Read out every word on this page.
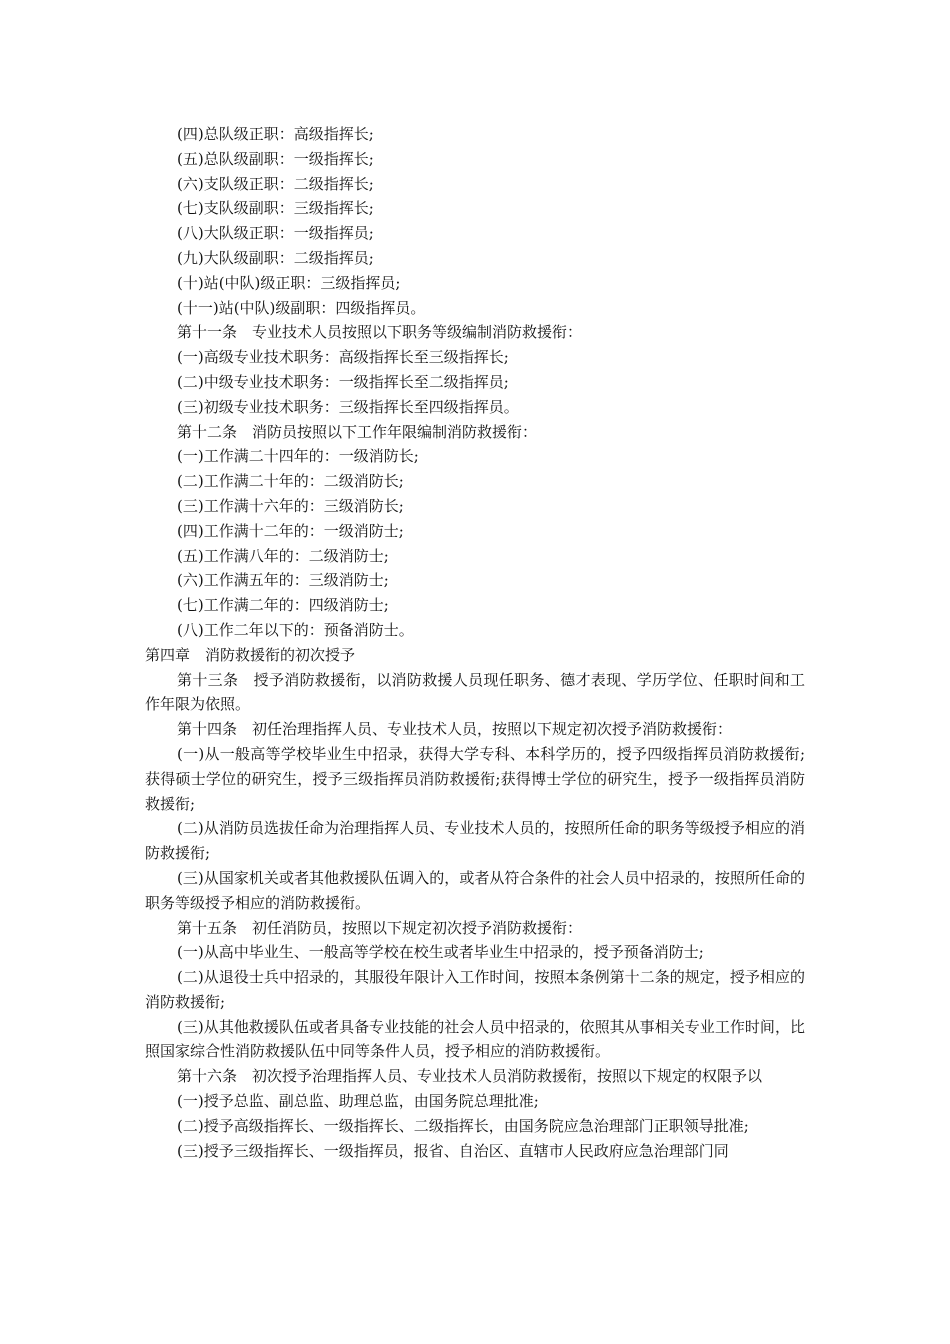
(四)总队级正职：高级指挥长;

(五)总队级副职：一级指挥长;

(六)支队级正职：二级指挥长;

(七)支队级副职：三级指挥长;

(八)大队级正职：一级指挥员;

(九)大队级副职：二级指挥员;

(十)站(中队)级正职：三级指挥员;

(十一)站(中队)级副职：四级指挥员。

第十一条　专业技术人员按照以下职务等级编制消防救援衔：

(一)高级专业技术职务：高级指挥长至三级指挥长;

(二)中级专业技术职务：一级指挥长至二级指挥员;

(三)初级专业技术职务：三级指挥长至四级指挥员。

第十二条　消防员按照以下工作年限编制消防救援衔：

(一)工作满二十四年的：一级消防长;

(二)工作满二十年的：二级消防长;

(三)工作满十六年的：三级消防长;

(四)工作满十二年的：一级消防士;

(五)工作满八年的：二级消防士;

(六)工作满五年的：三级消防士;

(七)工作满二年的：四级消防士;

(八)工作二年以下的：预备消防士。

第四章　消防救援衔的初次授予

第十三条　授予消防救援衔，以消防救援人员现任职务、德才表现、学历学位、任职时间和工作年限为依照。

第十四条　初任治理指挥人员、专业技术人员，按照以下规定初次授予消防救援衔：

(一)从一般高等学校毕业生中招录，获得大学专科、本科学历的，授予四级指挥员消防救援衔;获得硕士学位的研究生，授予三级指挥员消防救援衔;获得博士学位的研究生，授予一级指挥员消防救援衔;

(二)从消防员选拔任命为治理指挥人员、专业技术人员的，按照所任命的职务等级授予相应的消防救援衔;

(三)从国家机关或者其他救援队伍调入的，或者从符合条件的社会人员中招录的，按照所任命的职务等级授予相应的消防救援衔。

第十五条　初任消防员，按照以下规定初次授予消防救援衔：

(一)从高中毕业生、一般高等学校在校生或者毕业生中招录的，授予预备消防士;

(二)从退役士兵中招录的，其服役年限计入工作时间，按照本条例第十二条的规定，授予相应的消防救援衔;

(三)从其他救援队伍或者具备专业技能的社会人员中招录的，依照其从事相关专业工作时间，比照国家综合性消防救援队伍中同等条件人员，授予相应的消防救援衔。

第十六条　初次授予治理指挥人员、专业技术人员消防救援衔，按照以下规定的权限予以

(一)授予总监、副总监、助理总监，由国务院总理批准;

(二)授予高级指挥长、一级指挥长、二级指挥长，由国务院应急治理部门正职领导批准;

(三)授予三级指挥长、一级指挥员，报省、自治区、直辖市人民政府应急治理部门同
